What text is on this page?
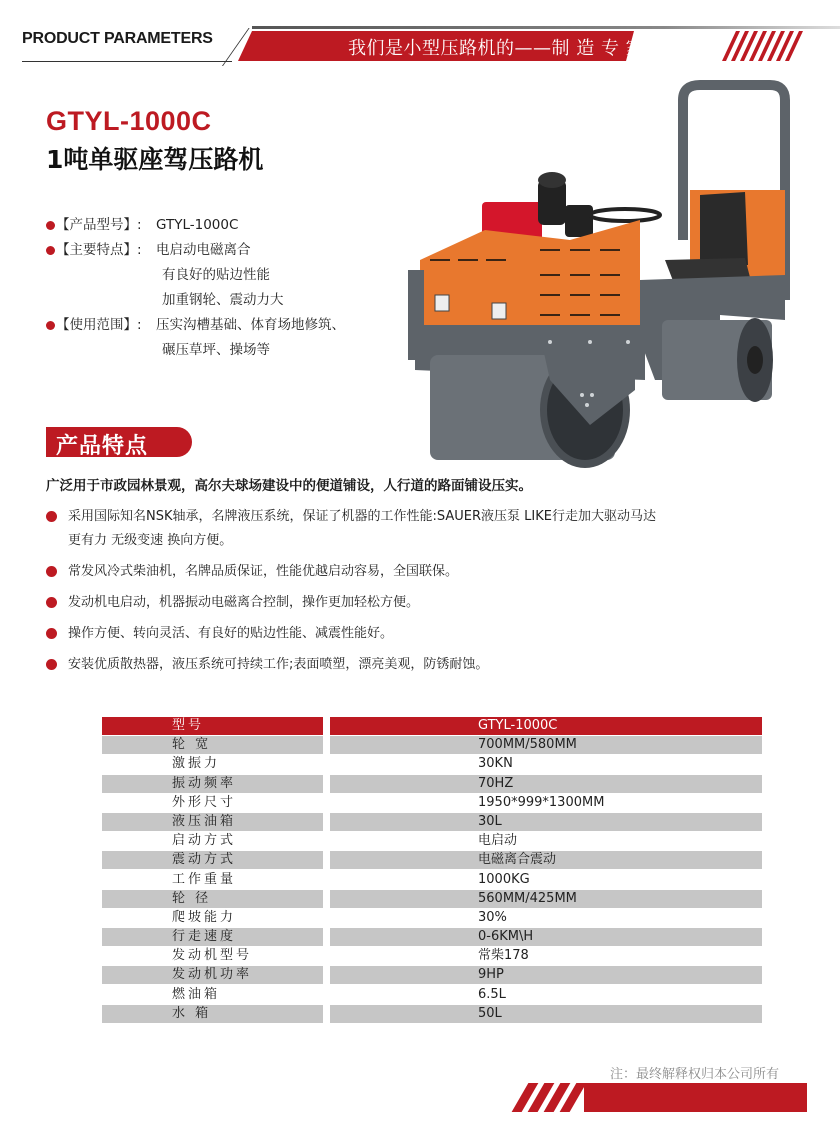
PRODUCT PARAMETERS	我们是小型压路机的——制 造 专 家
GTYL-1000C
1吨单驱座驾压路机
【产品型号】: GTYL-1000C
【主要特点】: 电启动电磁离合
有良好的贴边性能
加重钢轮、震动力大
【使用范围】: 压实沟槽基础、体育场地修筑、
碾压草坪、操场等
产品特点
广泛用于市政园林景观，高尔夫球场建设中的便道铺设，人行道的路面铺设压实。
采用国际知名NSK轴承，名牌液压系统，保证了机器的工作性能:SAUER液压泵 LIKE行走加大驱动马达
更有力 无级变速 换向方便。
常发风冷式柴油机，名牌品质保证，性能优越启动容易，全国联保。
发动机电启动，机器振动电磁离合控制，操作更加轻松方便。
操作方便、转向灵活、有良好的贴边性能、减震性能好。
安装优质散热器，液压系统可持续工作;表面喷塑，漂亮美观，防锈耐蚀。
型号	GTYL-1000C
轮 宽	700MM/580MM
激振力	30KN
振动频率	70HZ
外形尺寸	1950*999*1300MM
液压油箱	30L
启动方式	电启动
震动方式	电磁离合震动
工作重量	1000KG
轮 径	560MM/425MM
爬坡能力	30%
行走速度	0-6KM\H
发动机型号	常柴178
发动机功率	9HP
燃油箱	6.5L
水 箱	50L
注：最终解释权归本公司所有
